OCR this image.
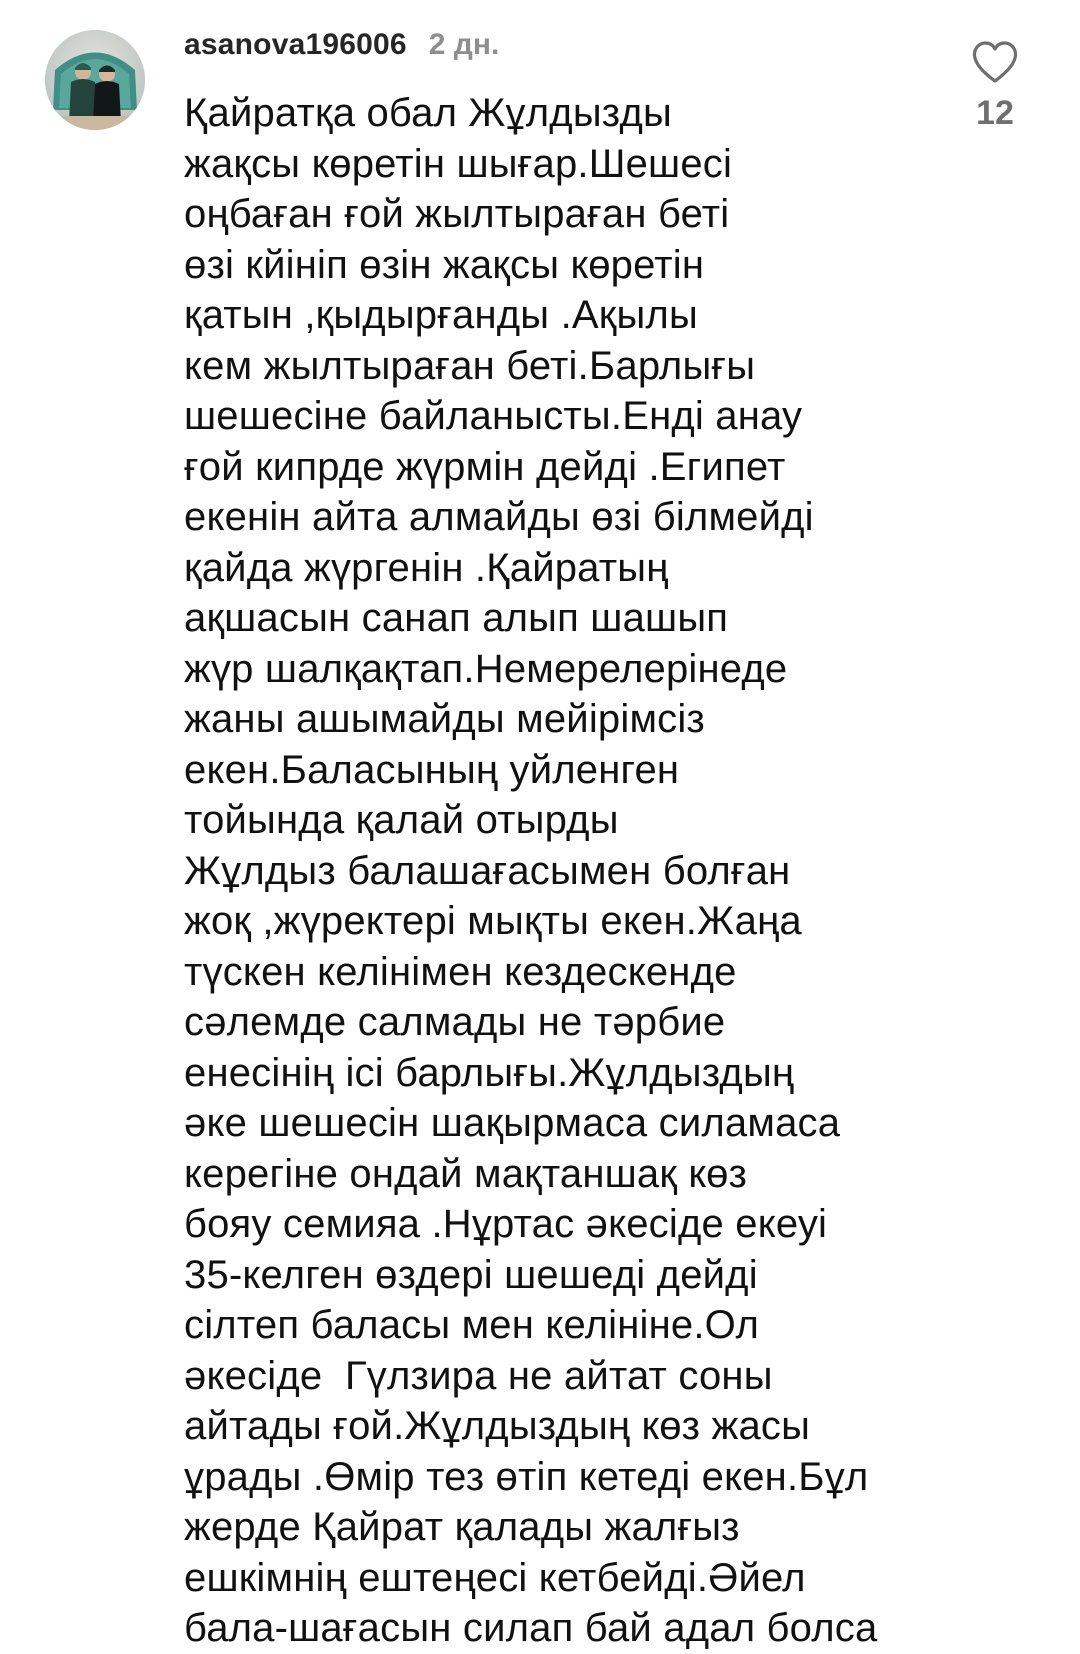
asanova196006 2 дн.
Қайратқа обал Жұлдызды
жақсы көретін шығар.Шешесі
оңбаған ғой жылтыраған беті
өзі кйініп өзін жақсы көретін
қатын ,қыдырғанды .Ақылы
кем жылтыраған беті.Барлығы
шешесіне байланысты.Енді анау
ғой кипрде жүрмін дейді .Египет
екенін айта алмайды өзі білмейді
қайда жүргенін .Қайратың
ақшасын санап алып шашып
жүр шалқақтап.Немерелерінеде
жаны ашымайды мейірімсіз
екен.Баласының уйленген
тойында қалай отырды
Жұлдыз балашағасымен болған
жоқ ,жүректері мықты екен.Жаңа
түскен келінімен кездескенде
сәлемде салмады не тәрбие
енесінің ісі барлығы.Жұлдыздың
әке шешесін шақырмаса силамаса
керегіне ондай мақтаншақ көз
бояу семияа .Нұртас әкесіде екеуі
35-келген өздері шешеді дейді
сілтеп баласы мен келініне.Ол
әкесіде  Гүлзира не айтат соны
айтады ғой.Жұлдыздың көз жасы
ұрады .Өмір тез өтіп кетеді екен.Бұл
жерде Қайрат қалады жалғыз
ешкімнің ештеңесі кетбейді.Әйел
бала-шағасын силап бай адал болса
12
